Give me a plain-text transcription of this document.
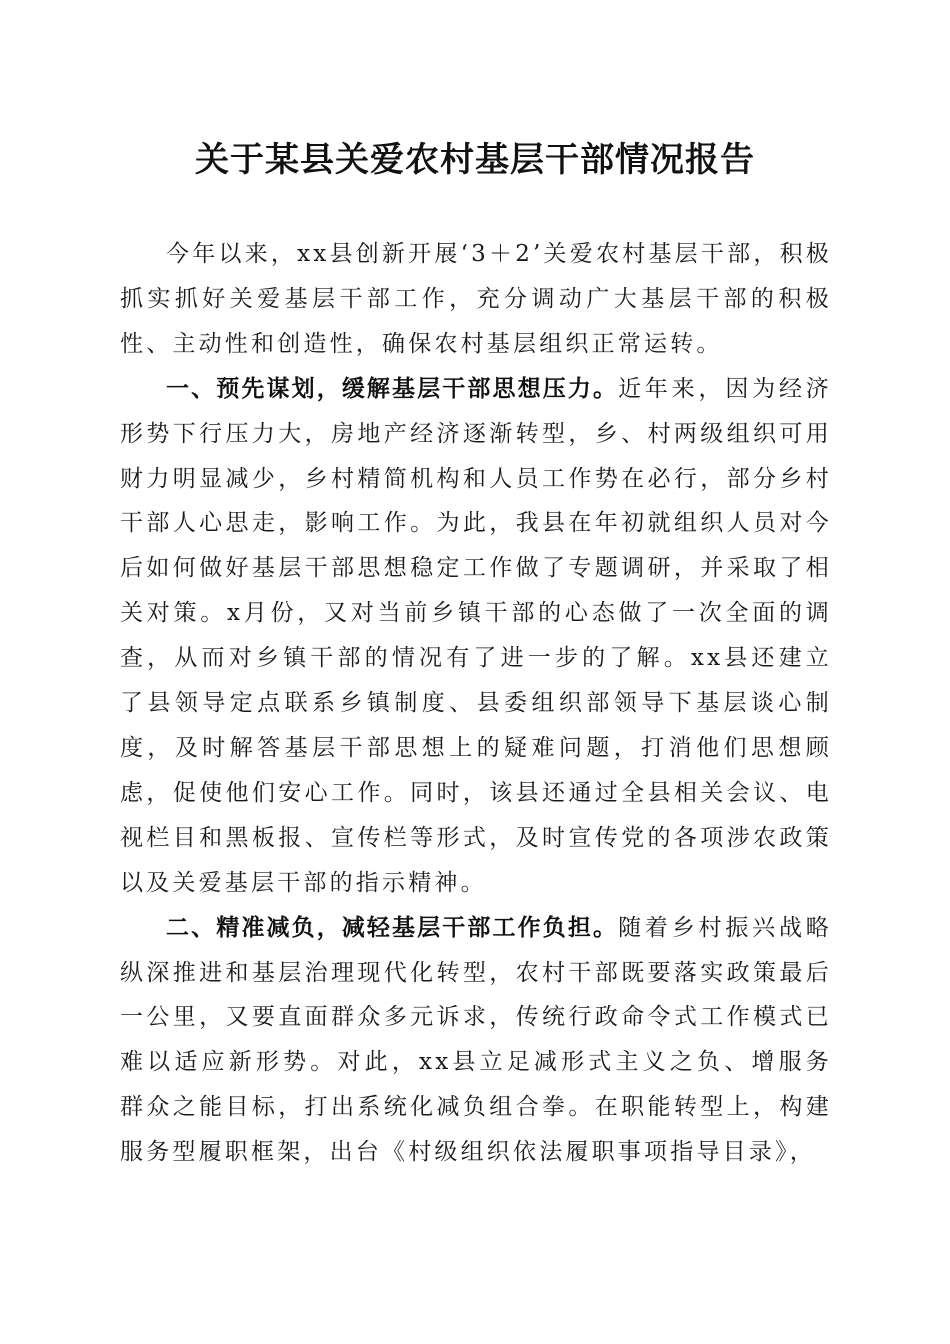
关于某县关爱农村基层干部情况报告

今年以来，xx县创新开展‘3＋2’关爱农村基层干部，积极抓实抓好关爱基层干部工作，充分调动广大基层干部的积极性、主动性和创造性，确保农村基层组织正常运转。

一、预先谋划，缓解基层干部思想压力。近年来，因为经济形势下行压力大，房地产经济逐渐转型，乡、村两级组织可用财力明显减少，乡村精简机构和人员工作势在必行，部分乡村干部人心思走，影响工作。为此，我县在年初就组织人员对今后如何做好基层干部思想稳定工作做了专题调研，并采取了相关对策。x月份，又对当前乡镇干部的心态做了一次全面的调查，从而对乡镇干部的情况有了进一步的了解。xx县还建立了县领导定点联系乡镇制度、县委组织部领导下基层谈心制度，及时解答基层干部思想上的疑难问题，打消他们思想顾虑，促使他们安心工作。同时，该县还通过全县相关会议、电视栏目和黑板报、宣传栏等形式，及时宣传党的各项涉农政策以及关爱基层干部的指示精神。

二、精准减负，减轻基层干部工作负担。随着乡村振兴战略纵深推进和基层治理现代化转型，农村干部既要落实政策最后一公里，又要直面群众多元诉求，传统行政命令式工作模式已难以适应新形势。对此，xx县立足减形式主义之负、增服务群众之能目标，打出系统化减负组合拳。在职能转型上，构建服务型履职框架，出台《村级组织依法履职事项指导目录》，
